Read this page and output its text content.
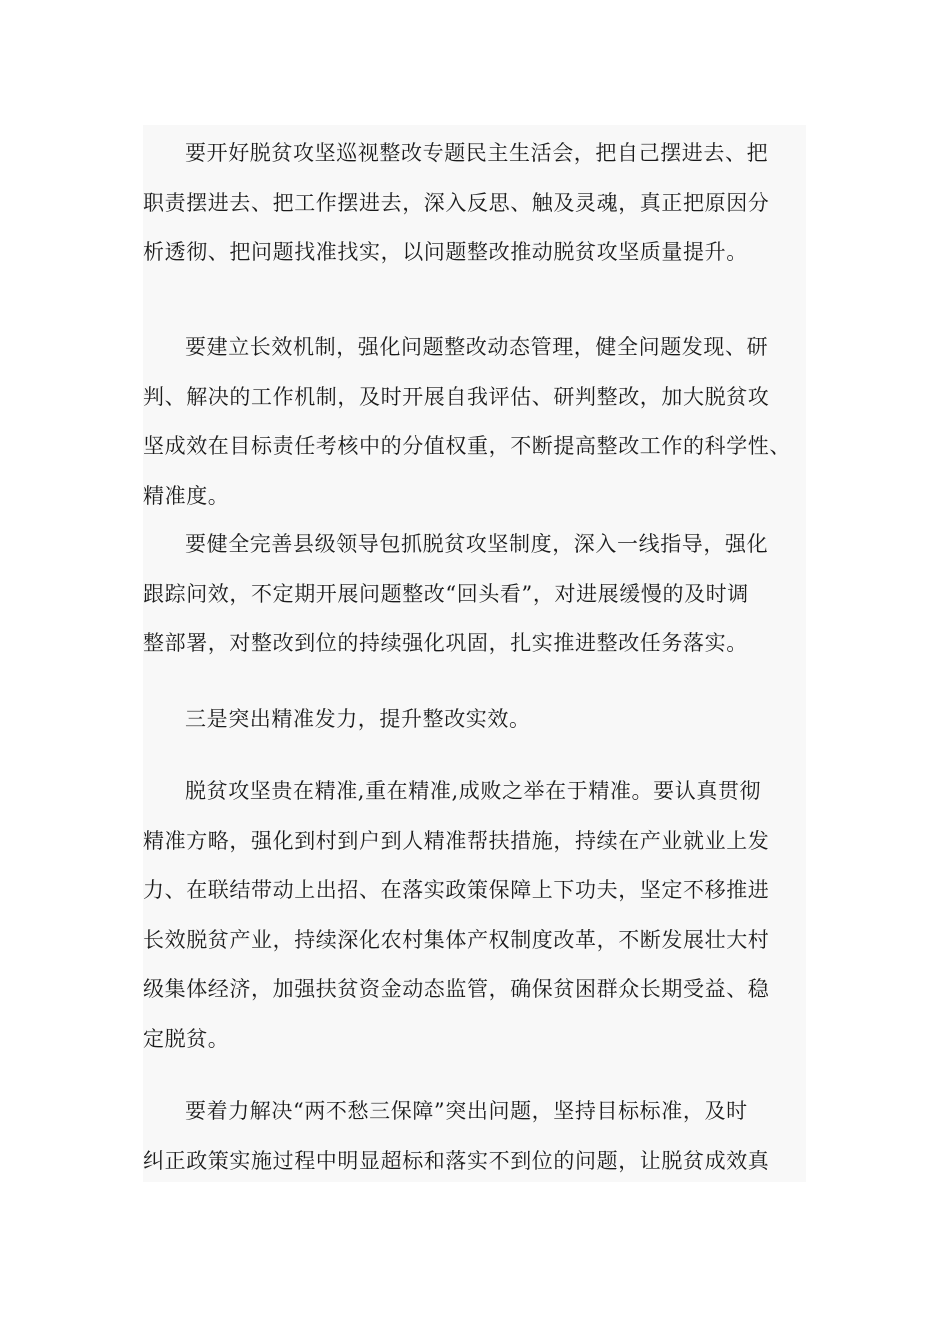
要开好脱贫攻坚巡视整改专题民主生活会，把自己摆进去、把
职责摆进去、把工作摆进去，深入反思、触及灵魂，真正把原因分
析透彻、把问题找准找实，以问题整改推动脱贫攻坚质量提升。

要建立长效机制，强化问题整改动态管理，健全问题发现、研
判、解决的工作机制，及时开展自我评估、研判整改，加大脱贫攻
坚成效在目标责任考核中的分值权重，不断提高整改工作的科学性、
精准度。

要健全完善县级领导包抓脱贫攻坚制度，深入一线指导，强化
跟踪问效，不定期开展问题整改“回头看”，对进展缓慢的及时调
整部署，对整改到位的持续强化巩固，扎实推进整改任务落实。

三是突出精准发力，提升整改实效。

脱贫攻坚贵在精准,重在精准,成败之举在于精准。要认真贯彻
精准方略，强化到村到户到人精准帮扶措施，持续在产业就业上发
力、在联结带动上出招、在落实政策保障上下功夫，坚定不移推进
长效脱贫产业，持续深化农村集体产权制度改革，不断发展壮大村
级集体经济，加强扶贫资金动态监管，确保贫困群众长期受益、稳
定脱贫。

要着力解决“两不愁三保障”突出问题，坚持目标标准，及时
纠正政策实施过程中明显超标和落实不到位的问题，让脱贫成效真
